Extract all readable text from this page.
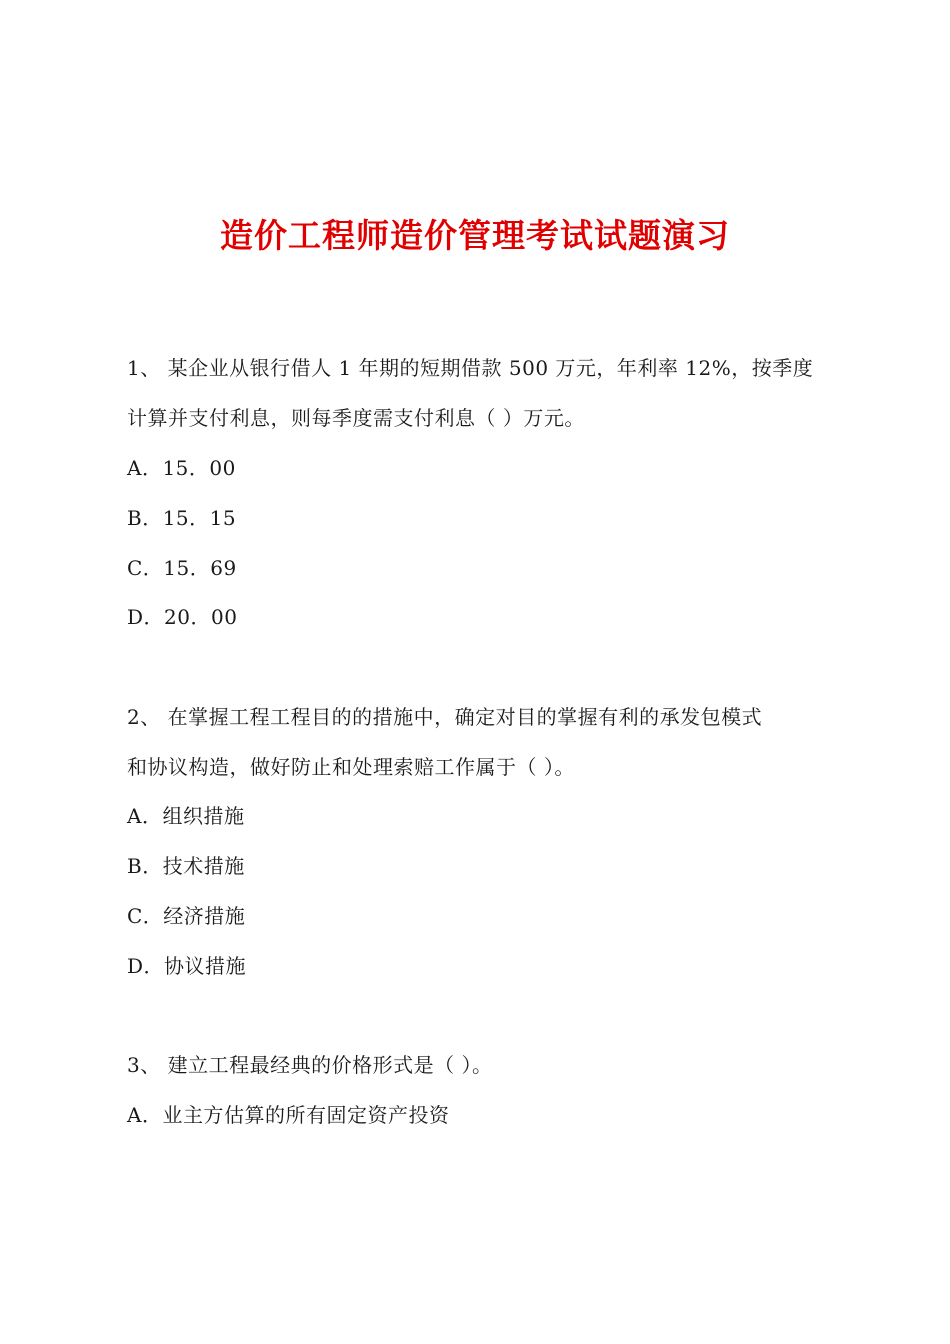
造价工程师造价管理考试试题演习
1、 某企业从银行借人 1 年期的短期借款 500 万元，年利率 12%，按季度
计算并支付利息，则每季度需支付利息（ ）万元。
A．15．00
B．15．15
C．15．69
D．20．00
2、 在掌握工程工程目的的措施中，确定对目的掌握有利的承发包模式
和协议构造，做好防止和处理索赔工作属于（ ）。
A．组织措施
B．技术措施
C．经济措施
D．协议措施
3、 建立工程最经典的价格形式是（ ）。
A．业主方估算的所有固定资产投资
